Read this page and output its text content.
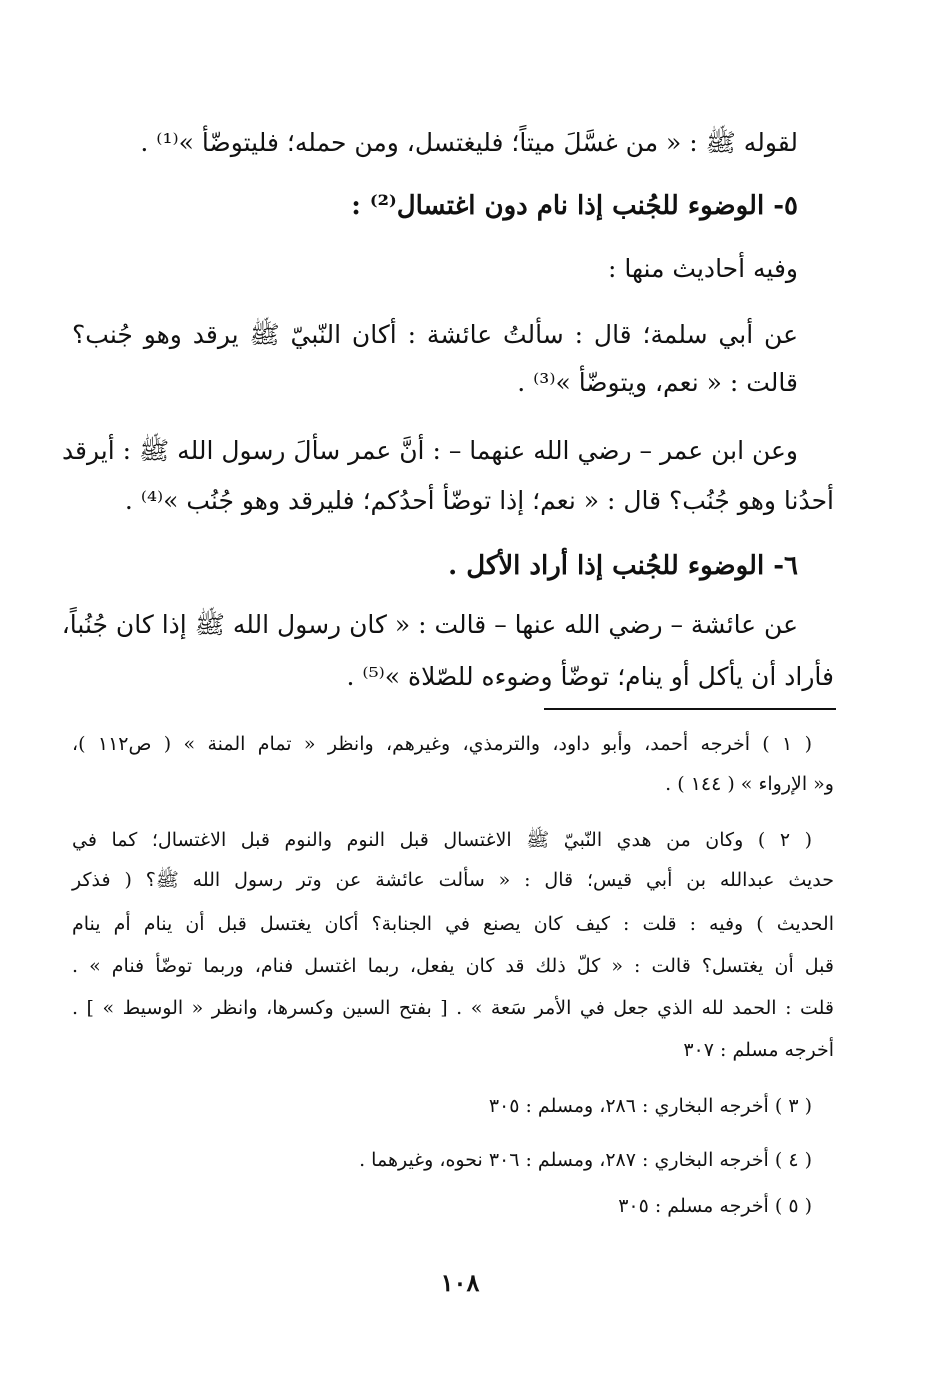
لقوله ﷺ : « من غسَّلَ ميتاً؛ فليغتسل، ومن حمله؛ فليتوضّأ »⁽¹⁾ .
٥- الوضوء للجُنب إذا نام دون اغتسال⁽²⁾ :
وفيه أحاديث منها :
عن أبي سلمة؛ قال : سألتُ عائشة : أكان النّبيّ ﷺ يرقد وهو جُنب؟
قالت : « نعم، ويتوضّأ »⁽³⁾ .
وعن ابن عمر – رضي الله عنهما – : أنَّ عمر سألَ رسول الله ﷺ : أيرقد
أحدُنا وهو جُنُب؟ قال : « نعم؛ إذا توضّأ أحدُكم؛ فليرقد وهو جُنُب »⁽⁴⁾ .
٦- الوضوء للجُنب إذا أراد الأكل .
عن عائشة – رضي الله عنها – قالت : « كان رسول الله ﷺ إذا كان جُنُباً،
فأراد أن يأكل أو ينام؛ توضّأ وضوءه للصّلاة »⁽⁵⁾ .
( ١ ) أخرجه أحمد، وأبو داود، والترمذي، وغيرهم، وانظر « تمام المنة » ( ص١١٢ )،
و« الإرواء » ( ١٤٤ ) .
( ٢ ) وكان من هدي النّبيّ ﷺ الاغتسال قبل النوم والنوم قبل الاغتسال؛ كما في
حديث عبدالله بن أبي قيس؛ قال : « سألت عائشة عن وتر رسول الله ﷺ؟ ( فذكر
الحديث ) وفيه : قلت : كيف كان يصنع في الجنابة؟ أكان يغتسل قبل أن ينام أم ينام
قبل أن يغتسل؟ قالت : « كلّ ذلك قد كان يفعل، ربما اغتسل فنام، وربما توضّأ فنام » .
قلت : الحمد لله الذي جعل في الأمر سَعة » . [ بفتح السين وكسرها، وانظر « الوسيط » ] .
أخرجه مسلم : ٣٠٧
( ٣ ) أخرجه البخاري : ٢٨٦، ومسلم : ٣٠٥
( ٤ ) أخرجه البخاري : ٢٨٧، ومسلم : ٣٠٦ نحوه، وغيرهما .
( ٥ ) أخرجه مسلم : ٣٠٥
١٠٨
